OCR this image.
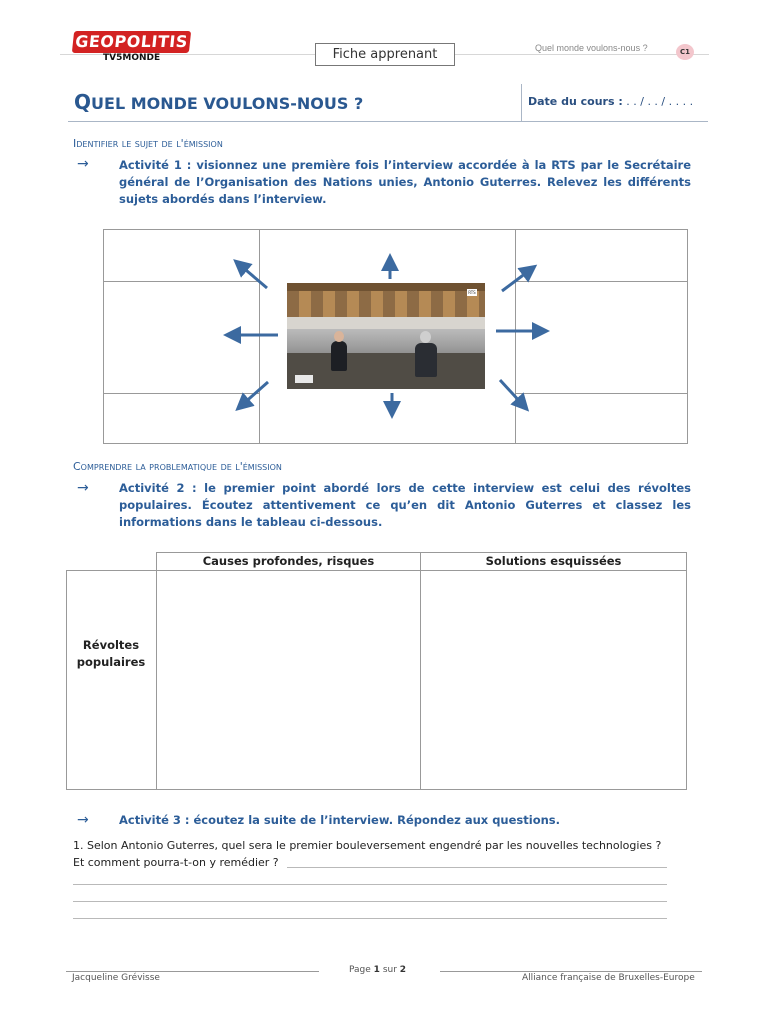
GEOPOLITIS
TV5MONDE	Fiche apprenant	Quel monde voulons-nous ?	C1
QUEL MONDE VOULONS-NOUS ?	Date du cours : . . / . . / . . . .
Identifier le sujet de l'émission
→	Activité 1 : visionnez une première fois l’interview accordée à la RTS par le Secrétaire général de l’Organisation des Nations unies, Antonio Guterres. Relevez les différents sujets abordés dans l’interview.
RTS
Comprendre la problematique de l'émission
→	Activité 2 : le premier point abordé lors de cette interview est celui des révoltes populaires. Écoutez attentivement ce qu’en dit Antonio Guterres et classez les informations dans le tableau ci-dessous.
Causes profondes, risques	Solutions esquissées
Révoltes
populaires
→	Activité 3 : écoutez la suite de l’interview. Répondez aux questions.
1. Selon Antonio Guterres, quel sera le premier bouleversement engendré par les nouvelles technologies ?
Et comment pourra-t-on y remédier ?
Jacqueline Grévisse
Page 1 sur 2
Alliance française de Bruxelles-Europe
